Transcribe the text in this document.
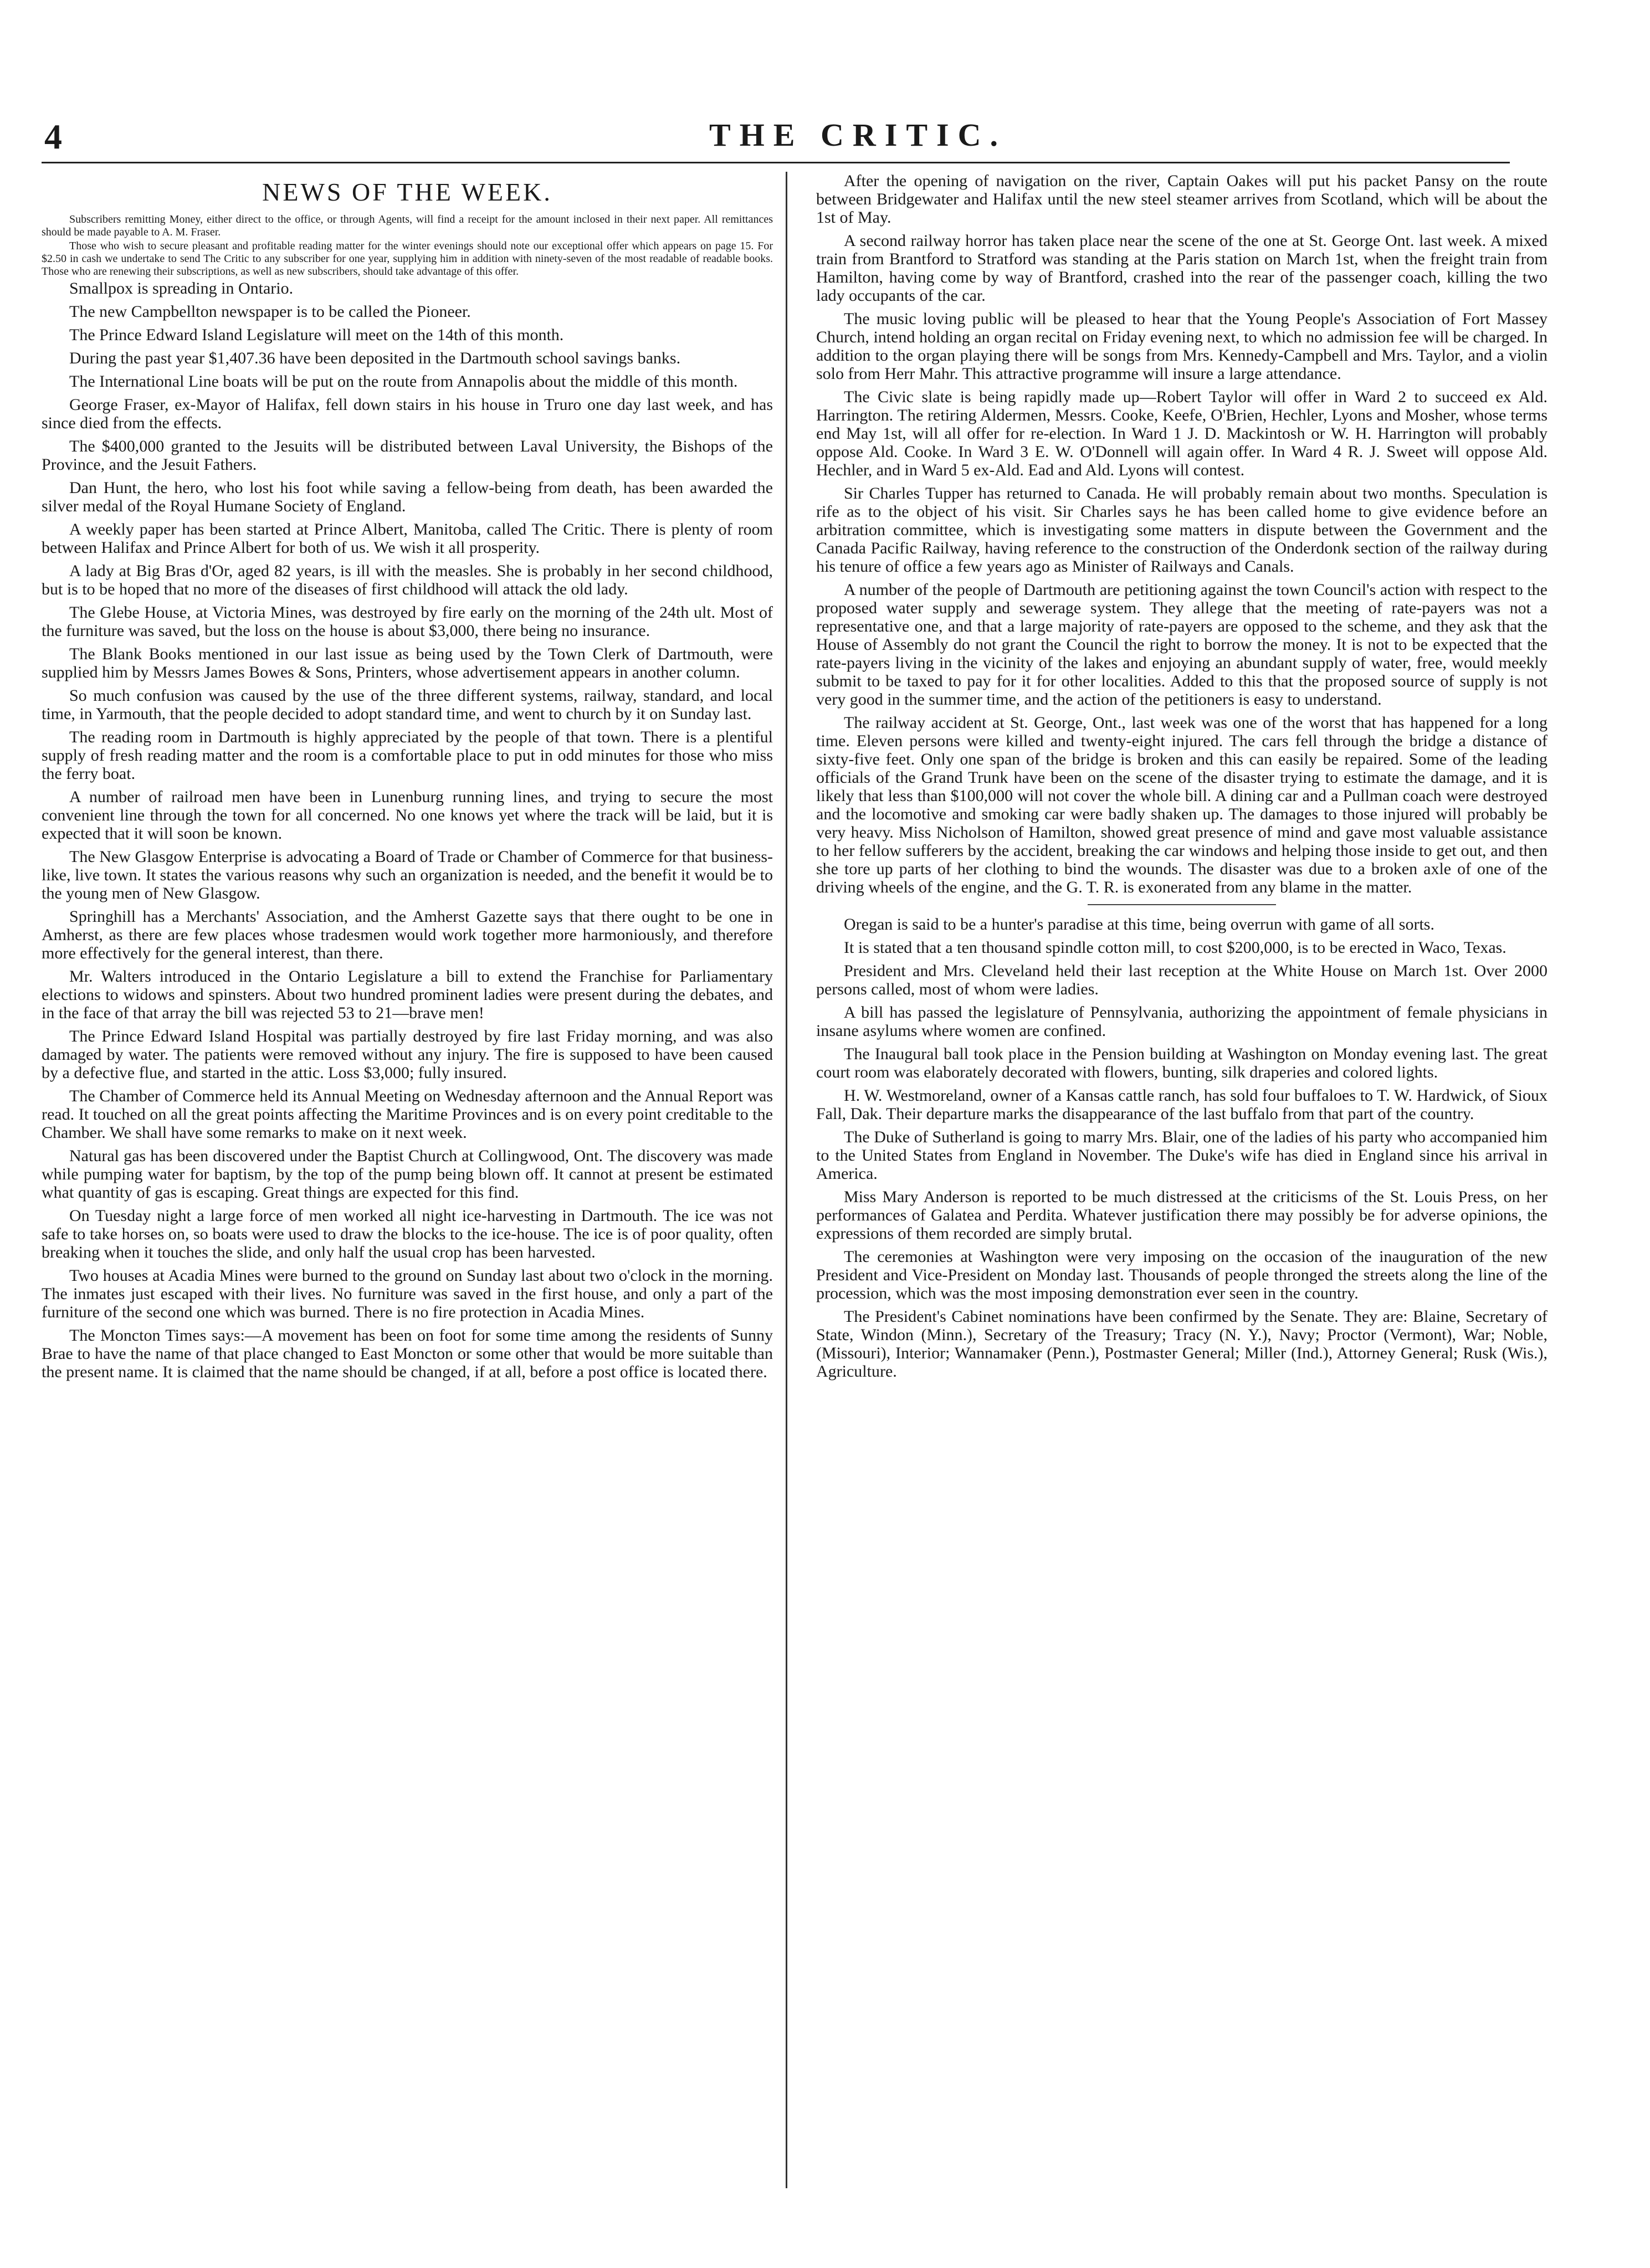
4	THE CRITIC.
NEWS OF THE WEEK.

Subscribers remitting Money, either direct to the office, or through Agents, will find a receipt for the amount inclosed in their next paper. All remittances should be made payable to A. M. Fraser.

Those who wish to secure pleasant and profitable reading matter for the winter evenings should note our exceptional offer which appears on page 15. For $2.50 in cash we undertake to send The Critic to any subscriber for one year, supplying him in addition with ninety-seven of the most readable of readable books. Those who are renewing their subscriptions, as well as new subscribers, should take advantage of this offer.

Smallpox is spreading in Ontario.

The new Campbellton newspaper is to be called the Pioneer.

The Prince Edward Island Legislature will meet on the 14th of this month.

During the past year $1,407.36 have been deposited in the Dartmouth school savings banks.

The International Line boats will be put on the route from Annapolis about the middle of this month.

George Fraser, ex-Mayor of Halifax, fell down stairs in his house in Truro one day last week, and has since died from the effects.

The $400,000 granted to the Jesuits will be distributed between Laval University, the Bishops of the Province, and the Jesuit Fathers.

Dan Hunt, the hero, who lost his foot while saving a fellow-being from death, has been awarded the silver medal of the Royal Humane Society of England.

A weekly paper has been started at Prince Albert, Manitoba, called The Critic. There is plenty of room between Halifax and Prince Albert for both of us. We wish it all prosperity.

A lady at Big Bras d'Or, aged 82 years, is ill with the measles. She is probably in her second childhood, but is to be hoped that no more of the diseases of first childhood will attack the old lady.

The Glebe House, at Victoria Mines, was destroyed by fire early on the morning of the 24th ult. Most of the furniture was saved, but the loss on the house is about $3,000, there being no insurance.

The Blank Books mentioned in our last issue as being used by the Town Clerk of Dartmouth, were supplied him by Messrs James Bowes & Sons, Printers, whose advertisement appears in another column.

So much confusion was caused by the use of the three different systems, railway, standard, and local time, in Yarmouth, that the people decided to adopt standard time, and went to church by it on Sunday last.

The reading room in Dartmouth is highly appreciated by the people of that town. There is a plentiful supply of fresh reading matter and the room is a comfortable place to put in odd minutes for those who miss the ferry boat.

A number of railroad men have been in Lunenburg running lines, and trying to secure the most convenient line through the town for all concerned. No one knows yet where the track will be laid, but it is expected that it will soon be known.

The New Glasgow Enterprise is advocating a Board of Trade or Chamber of Commerce for that business-like, live town. It states the various reasons why such an organization is needed, and the benefit it would be to the young men of New Glasgow.

Springhill has a Merchants' Association, and the Amherst Gazette says that there ought to be one in Amherst, as there are few places whose tradesmen would work together more harmoniously, and therefore more effectively for the general interest, than there.

Mr. Walters introduced in the Ontario Legislature a bill to extend the Franchise for Parliamentary elections to widows and spinsters. About two hundred prominent ladies were present during the debates, and in the face of that array the bill was rejected 53 to 21—brave men!

The Prince Edward Island Hospital was partially destroyed by fire last Friday morning, and was also damaged by water. The patients were removed without any injury. The fire is supposed to have been caused by a defective flue, and started in the attic. Loss $3,000; fully insured.

The Chamber of Commerce held its Annual Meeting on Wednesday afternoon and the Annual Report was read. It touched on all the great points affecting the Maritime Provinces and is on every point creditable to the Chamber. We shall have some remarks to make on it next week.

Natural gas has been discovered under the Baptist Church at Collingwood, Ont. The discovery was made while pumping water for baptism, by the top of the pump being blown off. It cannot at present be estimated what quantity of gas is escaping. Great things are expected for this find.

On Tuesday night a large force of men worked all night ice-harvesting in Dartmouth. The ice was not safe to take horses on, so boats were used to draw the blocks to the ice-house. The ice is of poor quality, often breaking when it touches the slide, and only half the usual crop has been harvested.

Two houses at Acadia Mines were burned to the ground on Sunday last about two o'clock in the morning. The inmates just escaped with their lives. No furniture was saved in the first house, and only a part of the furniture of the second one which was burned. There is no fire protection in Acadia Mines.

The Moncton Times says:—A movement has been on foot for some time among the residents of Sunny Brae to have the name of that place changed to East Moncton or some other that would be more suitable than the present name. It is claimed that the name should be changed, if at all, before a post office is located there.

After the opening of navigation on the river, Captain Oakes will put his packet Pansy on the route between Bridgewater and Halifax until the new steel steamer arrives from Scotland, which will be about the 1st of May.

A second railway horror has taken place near the scene of the one at St. George Ont. last week. A mixed train from Brantford to Stratford was standing at the Paris station on March 1st, when the freight train from Hamilton, having come by way of Brantford, crashed into the rear of the passenger coach, killing the two lady occupants of the car.

The music loving public will be pleased to hear that the Young People's Association of Fort Massey Church, intend holding an organ recital on Friday evening next, to which no admission fee will be charged. In addition to the organ playing there will be songs from Mrs. Kennedy-Campbell and Mrs. Taylor, and a violin solo from Herr Mahr. This attractive programme will insure a large attendance.

The Civic slate is being rapidly made up—Robert Taylor will offer in Ward 2 to succeed ex Ald. Harrington. The retiring Aldermen, Messrs. Cooke, Keefe, O'Brien, Hechler, Lyons and Mosher, whose terms end May 1st, will all offer for re-election. In Ward 1 J. D. Mackintosh or W. H. Harrington will probably oppose Ald. Cooke. In Ward 3 E. W. O'Donnell will again offer. In Ward 4 R. J. Sweet will oppose Ald. Hechler, and in Ward 5 ex-Ald. Ead and Ald. Lyons will contest.

Sir Charles Tupper has returned to Canada. He will probably remain about two months. Speculation is rife as to the object of his visit. Sir Charles says he has been called home to give evidence before an arbitration committee, which is investigating some matters in dispute between the Government and the Canada Pacific Railway, having reference to the construction of the Onderdonk section of the railway during his tenure of office a few years ago as Minister of Railways and Canals.

A number of the people of Dartmouth are petitioning against the town Council's action with respect to the proposed water supply and sewerage system. They allege that the meeting of rate-payers was not a representative one, and that a large majority of rate-payers are opposed to the scheme, and they ask that the House of Assembly do not grant the Council the right to borrow the money. It is not to be expected that the rate-payers living in the vicinity of the lakes and enjoying an abundant supply of water, free, would meekly submit to be taxed to pay for it for other localities. Added to this that the proposed source of supply is not very good in the summer time, and the action of the petitioners is easy to understand.

The railway accident at St. George, Ont., last week was one of the worst that has happened for a long time. Eleven persons were killed and twenty-eight injured. The cars fell through the bridge a distance of sixty-five feet. Only one span of the bridge is broken and this can easily be repaired. Some of the leading officials of the Grand Trunk have been on the scene of the disaster trying to estimate the damage, and it is likely that less than $100,000 will not cover the whole bill. A dining car and a Pullman coach were destroyed and the locomotive and smoking car were badly shaken up. The damages to those injured will probably be very heavy. Miss Nicholson of Hamilton, showed great presence of mind and gave most valuable assistance to her fellow sufferers by the accident, breaking the car windows and helping those inside to get out, and then she tore up parts of her clothing to bind the wounds. The disaster was due to a broken axle of one of the driving wheels of the engine, and the G. T. R. is exonerated from any blame in the matter.

Oregan is said to be a hunter's paradise at this time, being overrun with game of all sorts.

It is stated that a ten thousand spindle cotton mill, to cost $200,000, is to be erected in Waco, Texas.

President and Mrs. Cleveland held their last reception at the White House on March 1st. Over 2000 persons called, most of whom were ladies.

A bill has passed the legislature of Pennsylvania, authorizing the appointment of female physicians in insane asylums where women are confined.

The Inaugural ball took place in the Pension building at Washington on Monday evening last. The great court room was elaborately decorated with flowers, bunting, silk draperies and colored lights.

H. W. Westmoreland, owner of a Kansas cattle ranch, has sold four buffaloes to T. W. Hardwick, of Sioux Fall, Dak. Their departure marks the disappearance of the last buffalo from that part of the country.

The Duke of Sutherland is going to marry Mrs. Blair, one of the ladies of his party who accompanied him to the United States from England in November. The Duke's wife has died in England since his arrival in America.

Miss Mary Anderson is reported to be much distressed at the criticisms of the St. Louis Press, on her performances of Galatea and Perdita. Whatever justification there may possibly be for adverse opinions, the expressions of them recorded are simply brutal.

The ceremonies at Washington were very imposing on the occasion of the inauguration of the new President and Vice-President on Monday last. Thousands of people thronged the streets along the line of the procession, which was the most imposing demonstration ever seen in the country.

The President's Cabinet nominations have been confirmed by the Senate. They are: Blaine, Secretary of State, Windon (Minn.), Secretary of the Treasury; Tracy (N. Y.), Navy; Proctor (Vermont), War; Noble, (Missouri), Interior; Wannamaker (Penn.), Postmaster General; Miller (Ind.), Attorney General; Rusk (Wis.), Agriculture.
